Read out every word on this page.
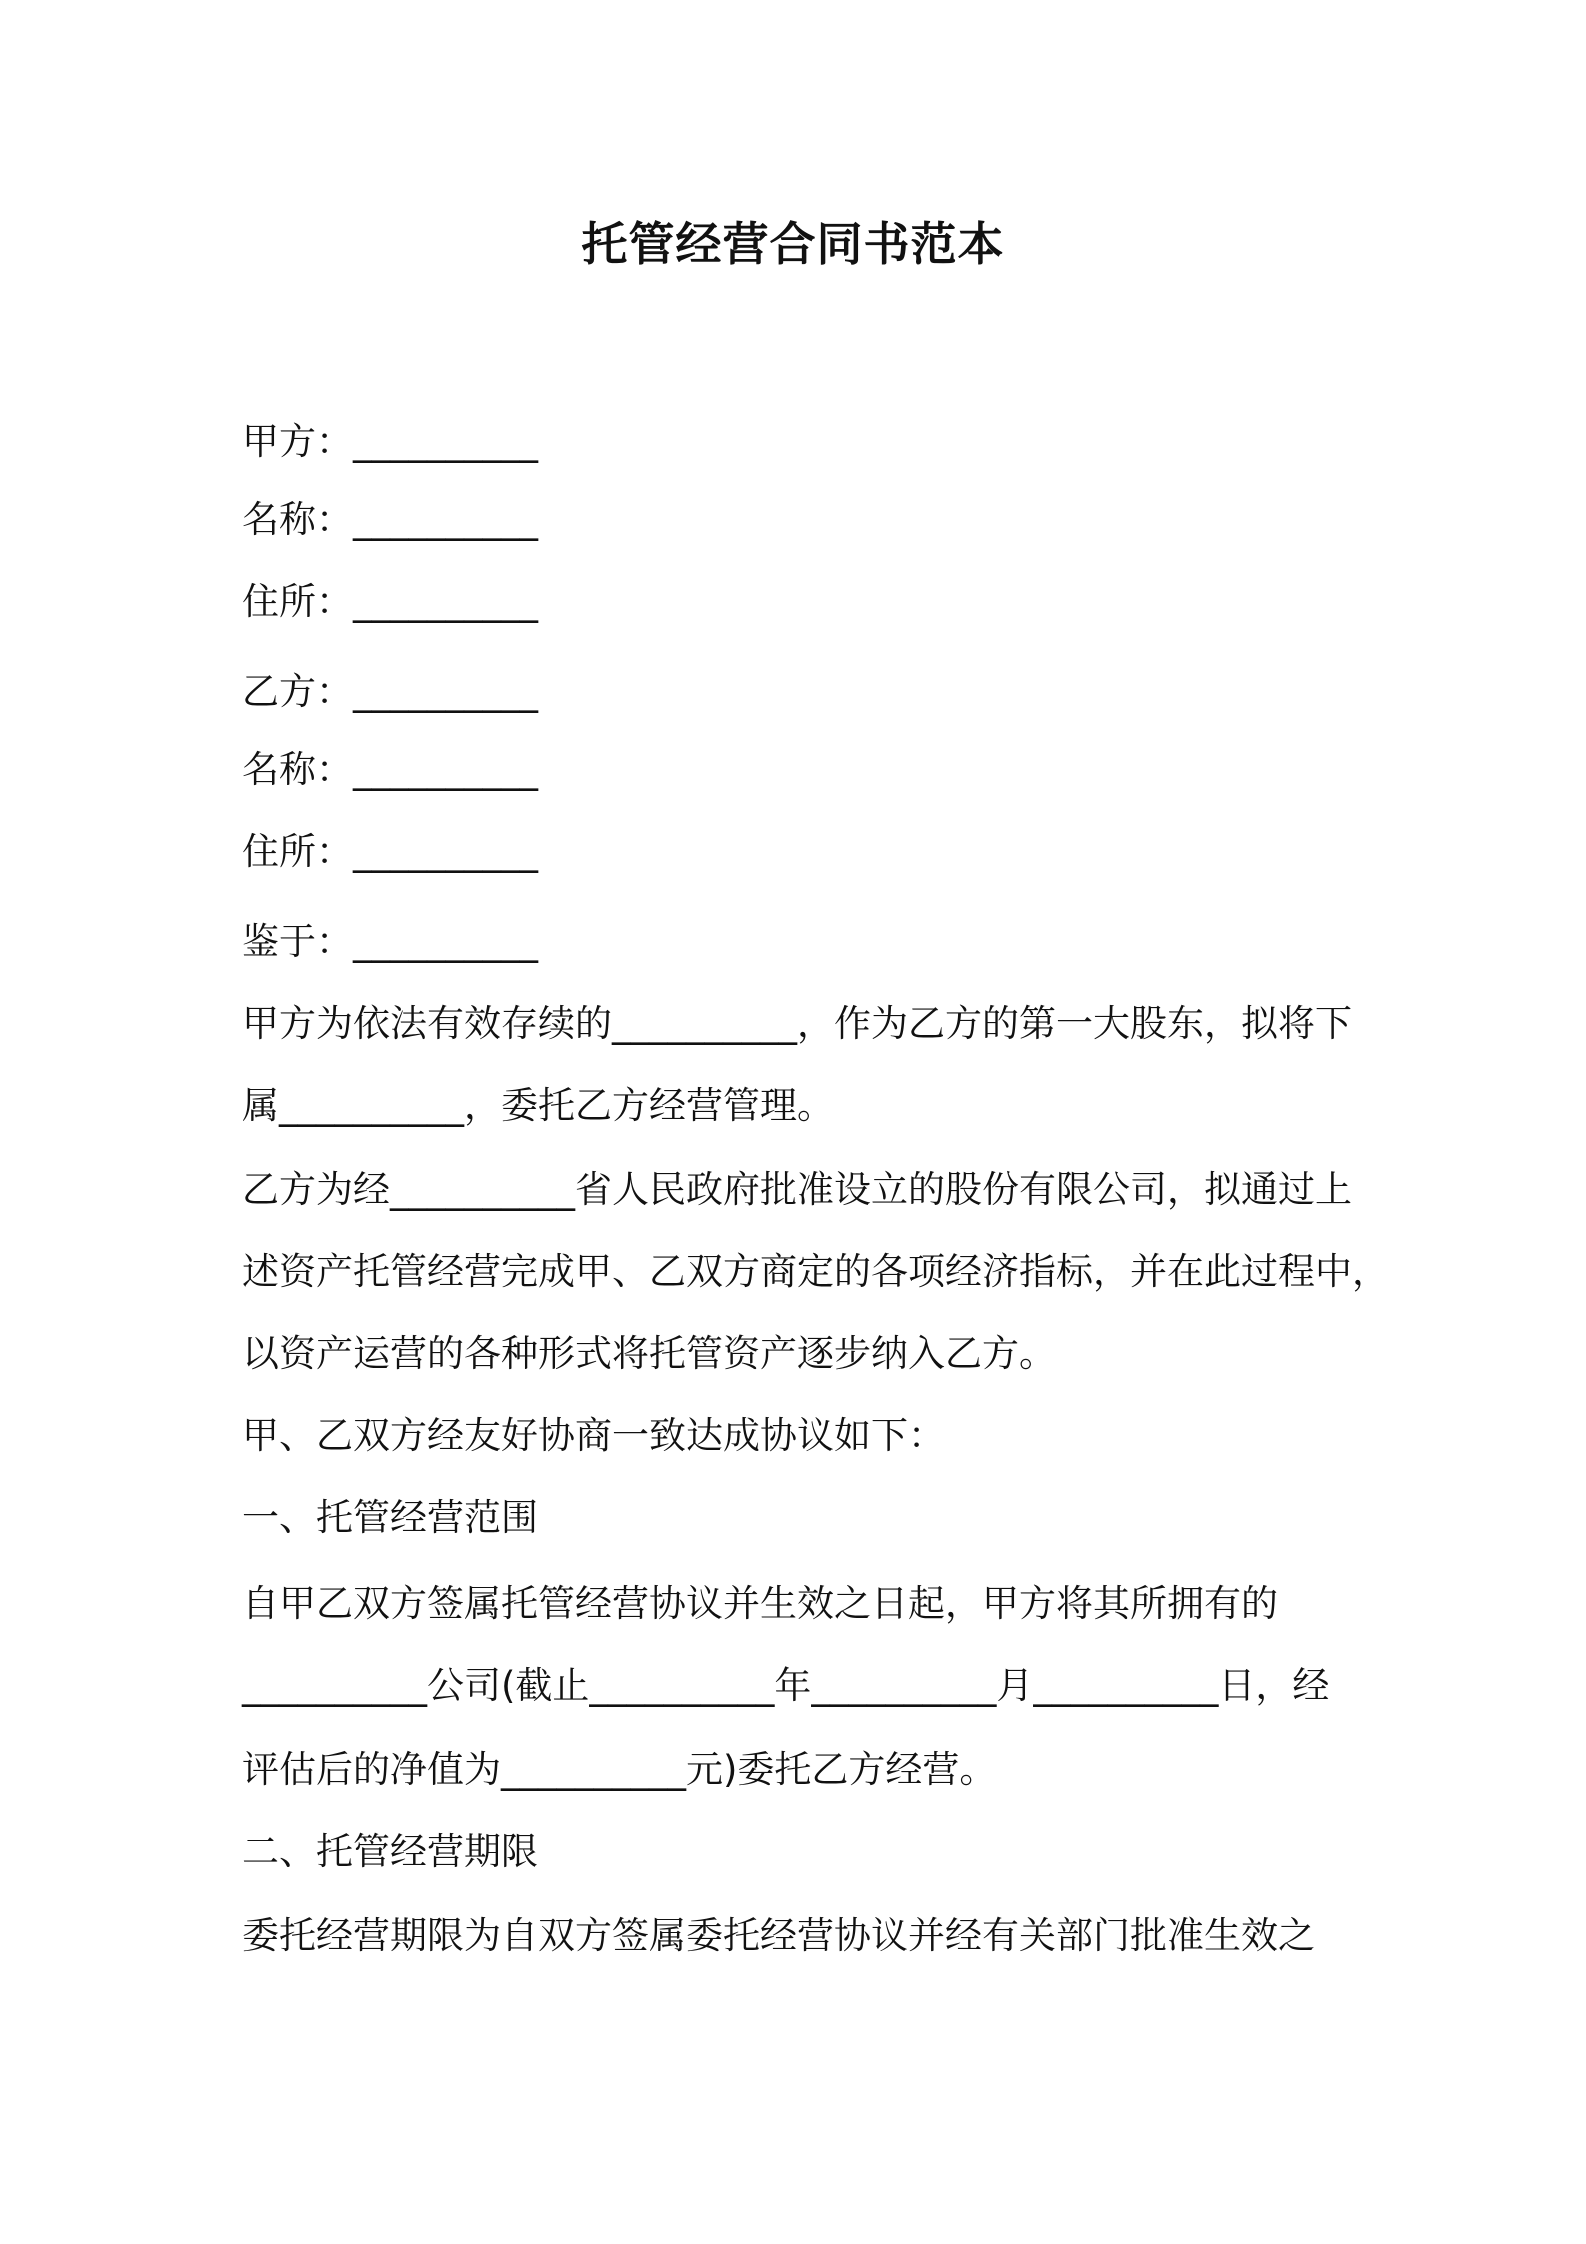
托管经营合同书范本
甲方：__________
名称：__________
住所：__________
乙方：__________
名称：__________
住所：__________
鉴于：__________
甲方为依法有效存续的__________，作为乙方的第一大股东，拟将下
属__________，委托乙方经营管理。
乙方为经__________省人民政府批准设立的股份有限公司，拟通过上
述资产托管经营完成甲、乙双方商定的各项经济指标，并在此过程中，
以资产运营的各种形式将托管资产逐步纳入乙方。
甲、乙双方经友好协商一致达成协议如下：
一、托管经营范围
自甲乙双方签属托管经营协议并生效之日起，甲方将其所拥有的
__________公司(截止__________年__________月__________日，经
评估后的净值为__________元)委托乙方经营。
二、托管经营期限
委托经营期限为自双方签属委托经营协议并经有关部门批准生效之
